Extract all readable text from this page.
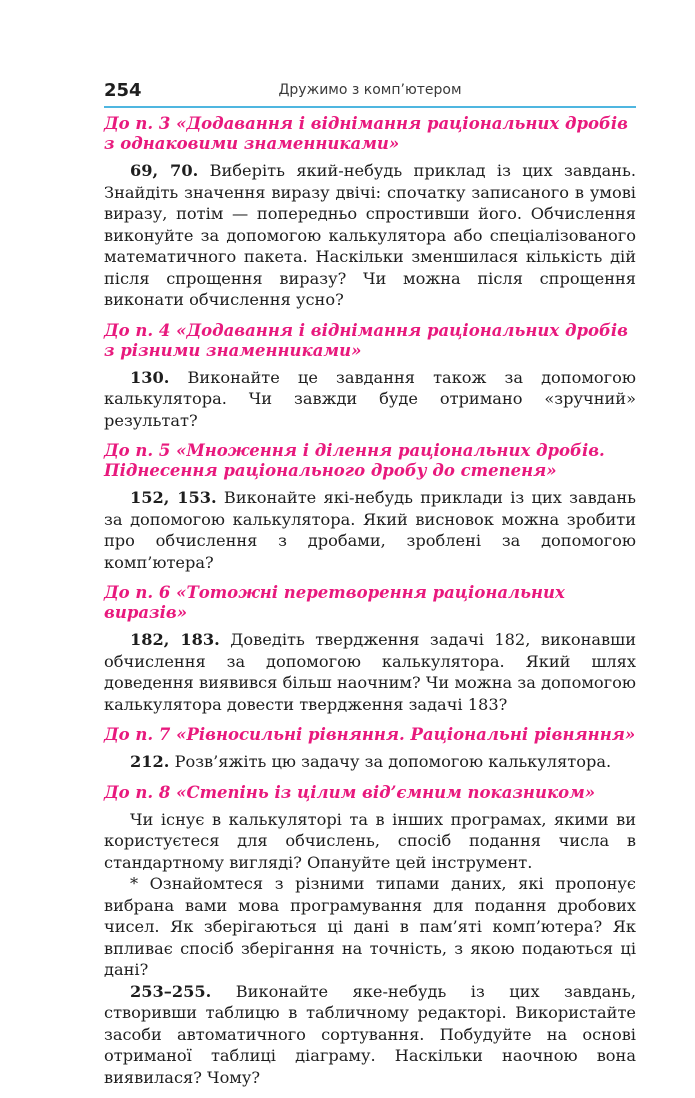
254	Дружимо з комп’ютером
До п. 3 «Додавання і віднімання раціональних дробів з однаковими знаменниками»

69, 70. Виберіть який-небудь приклад із цих завдань. Знайдіть значення виразу двічі: спочатку записаного в умові виразу, потім — попередньо спростивши його. Обчислення виконуйте за допомогою калькулятора або спеціалізованого математичного пакета. Наскільки зменшилася кількість дій після спрощення виразу? Чи можна після спрощення виконати обчислення усно?

До п. 4 «Додавання і віднімання раціональних дробів з різними знаменниками»

130. Виконайте це завдання також за допомогою калькулятора. Чи завжди буде отримано «зручний» результат?

До п. 5 «Множення і ділення раціональних дробів. Піднесення раціонального дробу до степеня»

152, 153. Виконайте які-небудь приклади із цих завдань за допомогою калькулятора. Який висновок можна зробити про обчислення з дробами, зроблені за допомогою комп’ютера?

До п. 6 «Тотожні перетворення раціональних виразів»

182, 183. Доведіть твердження задачі 182, виконавши обчислення за допомогою калькулятора. Який шлях доведення виявився більш наочним? Чи можна за допомогою калькулятора довести твердження задачі 183?

До п. 7 «Рівносильні рівняння. Раціональні рівняння»

212. Розв’яжіть цю задачу за допомогою калькулятора.

До п. 8 «Степінь із цілим від’ємним показником»

Чи існує в калькуляторі та в інших програмах, якими ви користуєтеся для обчислень, спосіб подання числа в стандартному вигляді? Опануйте цей інструмент.

* Ознайомтеся з різними типами даних, які пропонує вибрана вами мова програмування для подання дробових чисел. Як зберігаються ці дані в пам’яті комп’ютера? Як впливає спосіб зберігання на точність, з якою подаються ці дані?

253–255. Виконайте яке-небудь із цих завдань, створивши таблицю в табличному редакторі. Використайте засоби автоматичного сортування. Побудуйте на основі отриманої таблиці діаграму. Наскільки наочною вона виявилася? Чому?
